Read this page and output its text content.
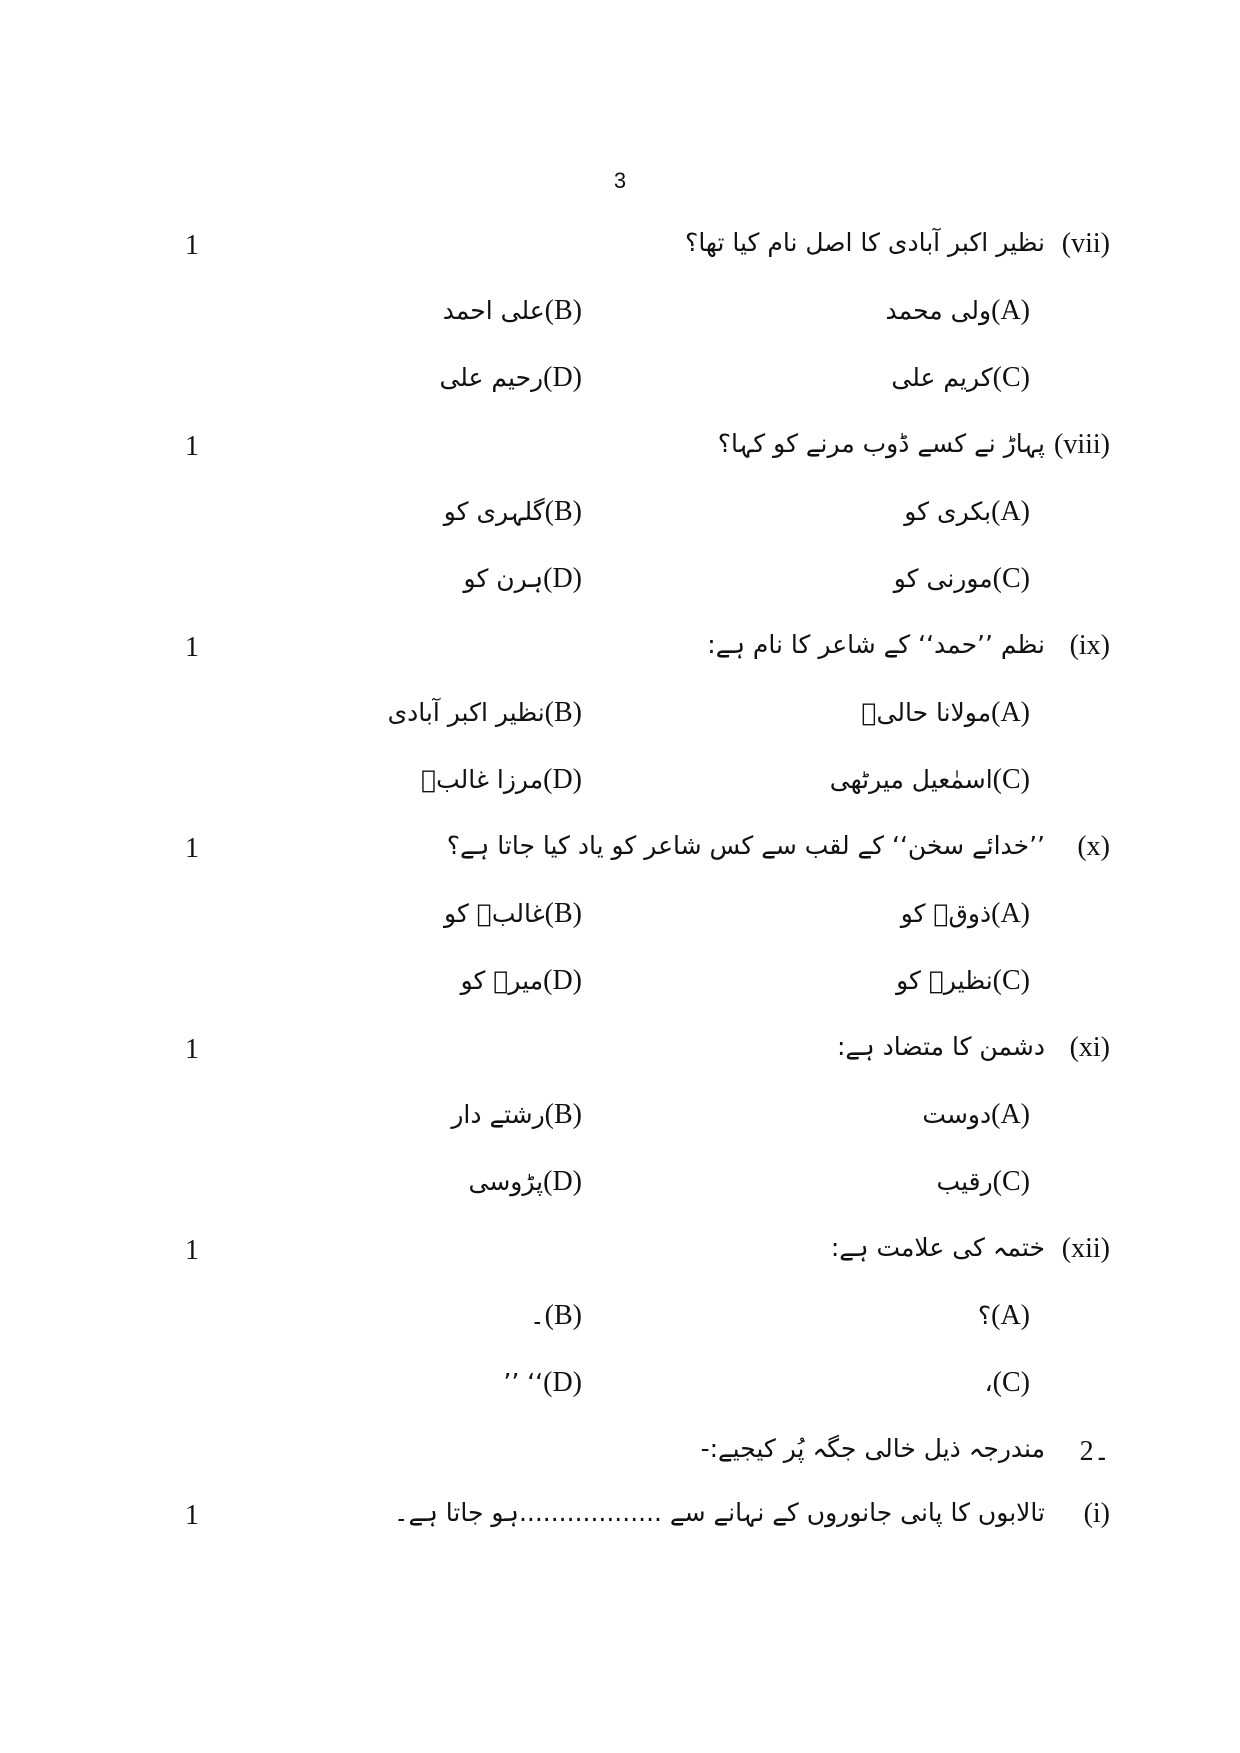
3
1	(vii)
نظیر اکبر آبادی کا اصل نام کیا تھا؟
(A)ولی محمد
(B)علی احمد
(C)کریم علی
(D)رحیم علی
1	(viii)
پہاڑ نے کسے ڈوب مرنے کو کہا؟
(A)بکری کو
(B)گلہری کو
(C)مورنی کو
(D)ہرن کو
1	(ix)
نظم ’’حمد‘‘ کے شاعر کا نام ہے:
(A)مولانا حالیؔ
(B)نظیر اکبر آبادی
(C)اسمٰعیل میرٹھی
(D)مرزا غالبؔ
1	(x)
’’خدائے سخن‘‘ کے لقب سے کس شاعر کو یاد کیا جاتا ہے؟
(A)ذوقؔ کو
(B)غالبؔ کو
(C)نظیرؔ کو
(D)میرؔ کو
1	(xi)
دشمن کا متضاد ہے:
(A)دوست
(B)رشتے دار
(C)رقیب
(D)پڑوسی
1	(xii)
ختمہ کی علامت ہے:
(A)؟
(B)۔
(C)،
(D)‘‘ ’’
2۔
مندرجہ ذیل خالی جگہ پُر کیجیے:-
1	(i)
تالابوں کا پانی جانوروں کے نہانے سے ..................ہو جاتا ہے۔
